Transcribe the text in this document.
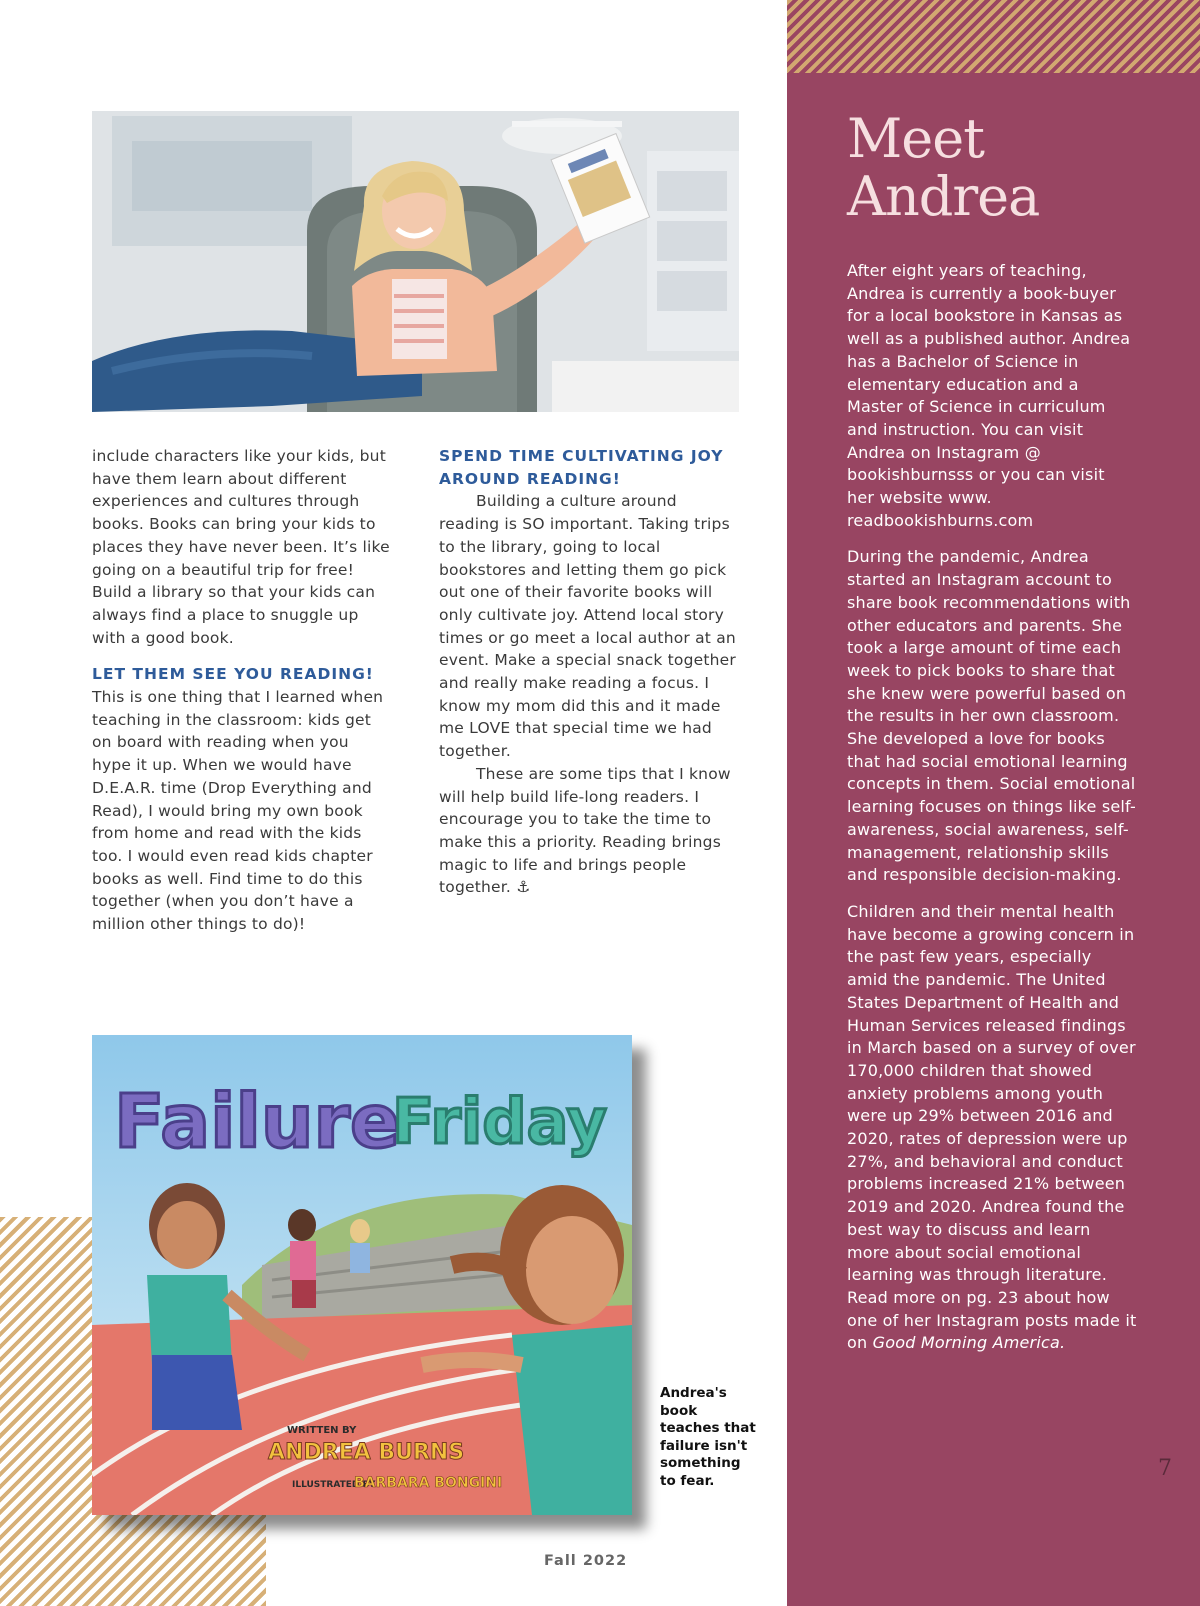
Meet
Andrea

After eight years of teaching, Andrea is currently a book-buyer for a local bookstore in Kansas as well as a published author. Andrea has a Bachelor of Science in elementary education and a Master of Science in curriculum and instruction. You can visit Andrea on Instagram @ bookishburnsss or you can visit her website www. readbookishburns.com

During the pandemic, Andrea started an Instagram account to share book recommendations with other educators and parents. She took a large amount of time each week to pick books to share that she knew were powerful based on the results in her own classroom. She developed a love for books that had social emotional learning concepts in them. Social emotional learning focuses on things like self-awareness, social awareness, self-management, relationship skills and responsible decision-making.

Children and their mental health have become a growing concern in the past few years, especially amid the pandemic. The United States Department of Health and Human Services released findings in March based on a survey of over 170,000 children that showed anxiety problems among youth were up 29% between 2016 and 2020, rates of depression were up 27%, and behavioral and conduct problems increased 21% between 2019 and 2020. Andrea found the best way to discuss and learn more about social emotional learning was through literature. Read more on pg. 23 about how one of her Instagram posts made it on Good Morning America.

include characters like your kids, but have them learn about different experiences and cultures through books. Books can bring your kids to places they have never been. It’s like going on a beautiful trip for free! Build a library so that your kids can always find a place to snuggle up with a good book.

LET THEM SEE YOU READING!

This is one thing that I learned when teaching in the classroom: kids get on board with reading when you hype it up. When we would have D.E.A.R. time (Drop Everything and Read), I would bring my own book from home and read with the kids too. I would even read kids chapter books as well. Find time to do this together (when you don’t have a million other things to do)!

SPEND TIME CULTIVATING JOY AROUND READING!

Building a culture around reading is SO important. Taking trips to the library, going to local bookstores and letting them go pick out one of their favorite books will only cultivate joy. Attend local story times or go meet a local author at an event. Make a special snack together and really make reading a focus. I know my mom did this and it made me LOVE that special time we had together.

These are some tips that I know will help build life-long readers. I encourage you to take the time to make this a priority. Reading brings magic to life and brings people together. ⚓

Failure
Friday
WRITTEN BY
ANDREA BURNS
ILLUSTRATED BY
BARBARA BONGINI
Andrea's book teaches that failure isn't something to fear.
Fall 2022
7
